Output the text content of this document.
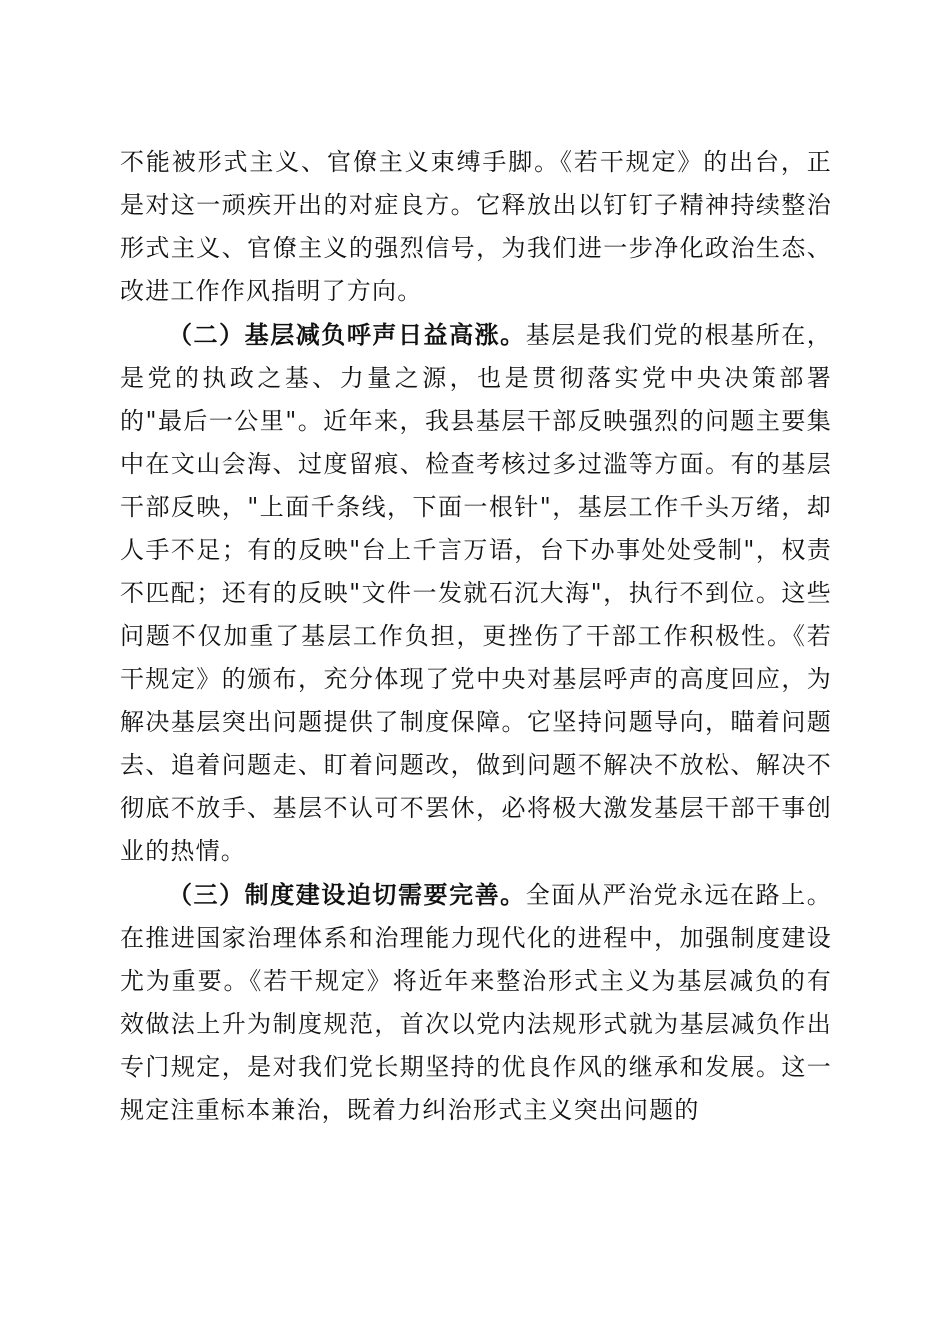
不能被形式主义、官僚主义束缚手脚。《若干规定》的出台，正是对这一顽疾开出的对症良方。它释放出以钉钉子精神持续整治形式主义、官僚主义的强烈信号，为我们进一步净化政治生态、改进工作作风指明了方向。

（二）基层减负呼声日益高涨。基层是我们党的根基所在，是党的执政之基、力量之源，也是贯彻落实党中央决策部署的"最后一公里"。近年来，我县基层干部反映强烈的问题主要集中在文山会海、过度留痕、检查考核过多过滥等方面。有的基层干部反映，"上面千条线，下面一根针"，基层工作千头万绪，却人手不足；有的反映"台上千言万语，台下办事处处受制"，权责不匹配；还有的反映"文件一发就石沉大海"，执行不到位。这些问题不仅加重了基层工作负担，更挫伤了干部工作积极性。《若干规定》的颁布，充分体现了党中央对基层呼声的高度回应，为解决基层突出问题提供了制度保障。它坚持问题导向，瞄着问题去、追着问题走、盯着问题改，做到问题不解决不放松、解决不彻底不放手、基层不认可不罢休，必将极大激发基层干部干事创业的热情。

（三）制度建设迫切需要完善。全面从严治党永远在路上。在推进国家治理体系和治理能力现代化的进程中，加强制度建设尤为重要。《若干规定》将近年来整治形式主义为基层减负的有效做法上升为制度规范，首次以党内法规形式就为基层减负作出专门规定，是对我们党长期坚持的优良作风的继承和发展。这一规定注重标本兼治，既着力纠治形式主义突出问题的
